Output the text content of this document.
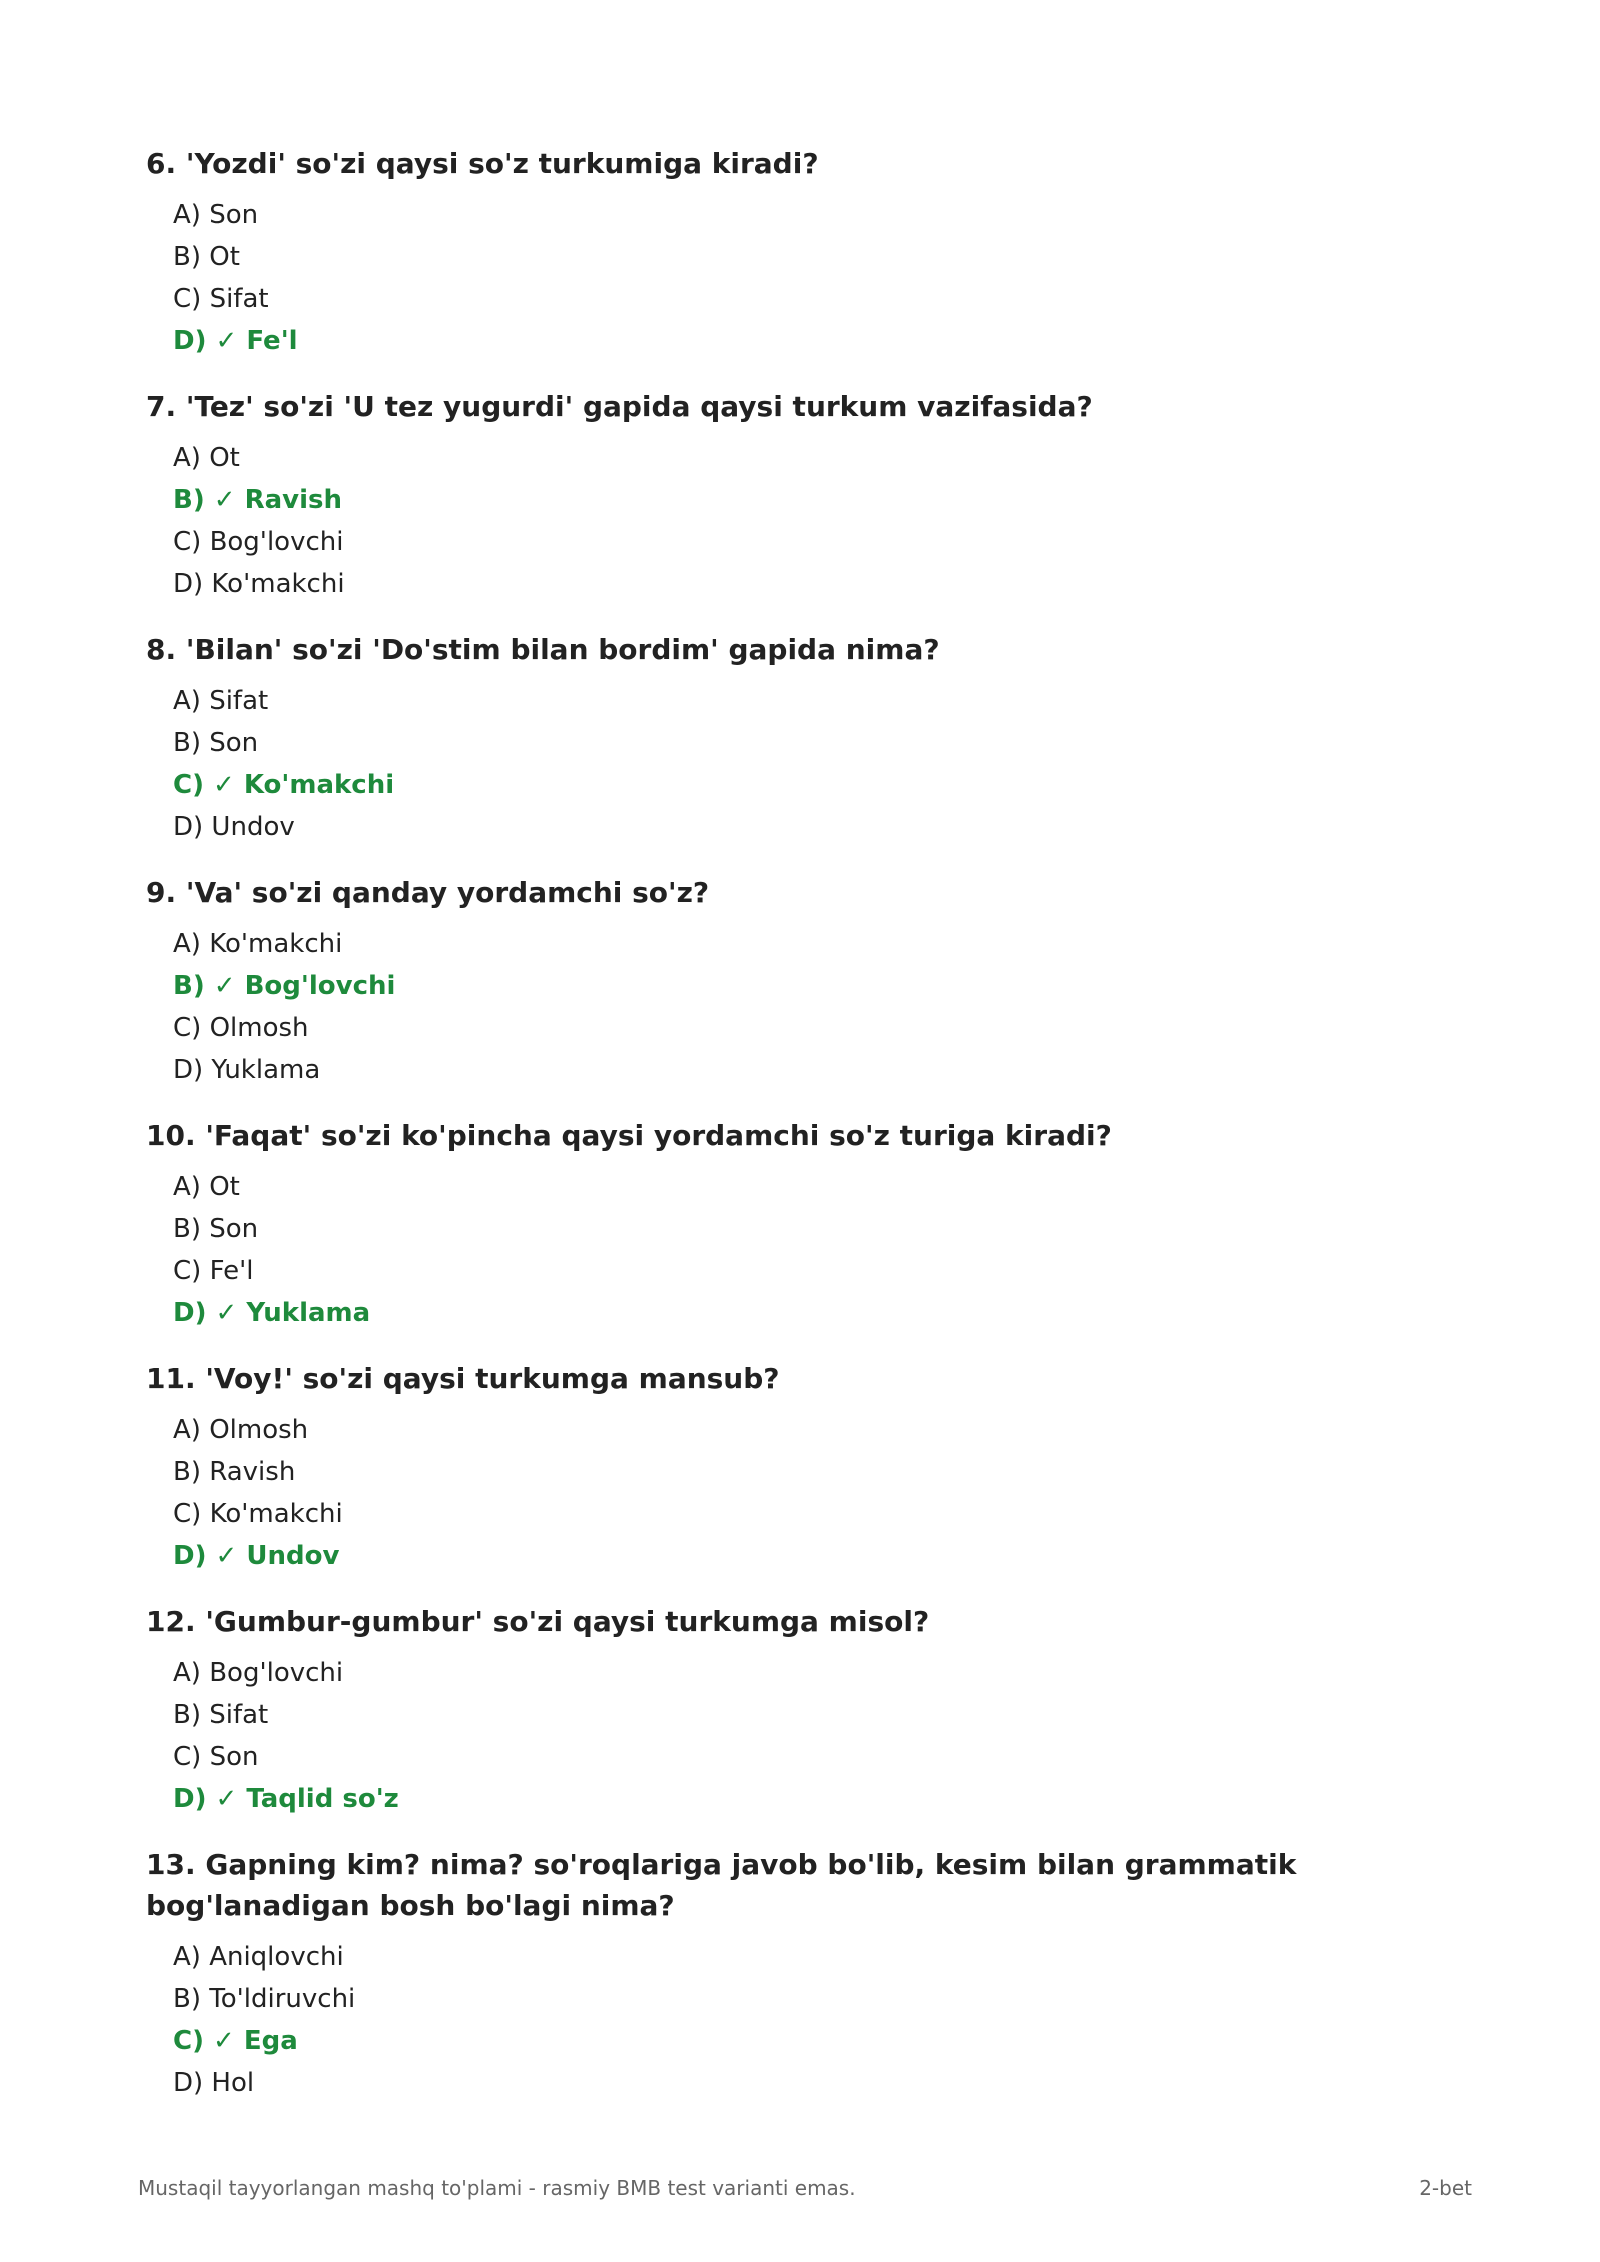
6. 'Yozdi' so'zi qaysi so'z turkumiga kiradi?
A) Son
B) Ot
C) Sifat
D) ✓ Fe'l
7. 'Tez' so'zi 'U tez yugurdi' gapida qaysi turkum vazifasida?
A) Ot
B) ✓ Ravish
C) Bog'lovchi
D) Ko'makchi
8. 'Bilan' so'zi 'Do'stim bilan bordim' gapida nima?
A) Sifat
B) Son
C) ✓ Ko'makchi
D) Undov
9. 'Va' so'zi qanday yordamchi so'z?
A) Ko'makchi
B) ✓ Bog'lovchi
C) Olmosh
D) Yuklama
10. 'Faqat' so'zi ko'pincha qaysi yordamchi so'z turiga kiradi?
A) Ot
B) Son
C) Fe'l
D) ✓ Yuklama
11. 'Voy!' so'zi qaysi turkumga mansub?
A) Olmosh
B) Ravish
C) Ko'makchi
D) ✓ Undov
12. 'Gumbur-gumbur' so'zi qaysi turkumga misol?
A) Bog'lovchi
B) Sifat
C) Son
D) ✓ Taqlid so'z
13. Gapning kim? nima? so'roqlariga javob bo'lib, kesim bilan grammatik bog'lanadigan bosh bo'lagi nima?
A) Aniqlovchi
B) To'ldiruvchi
C) ✓ Ega
D) Hol
Mustaqil tayyorlangan mashq to'plami - rasmiy BMB test varianti emas.	2-bet
